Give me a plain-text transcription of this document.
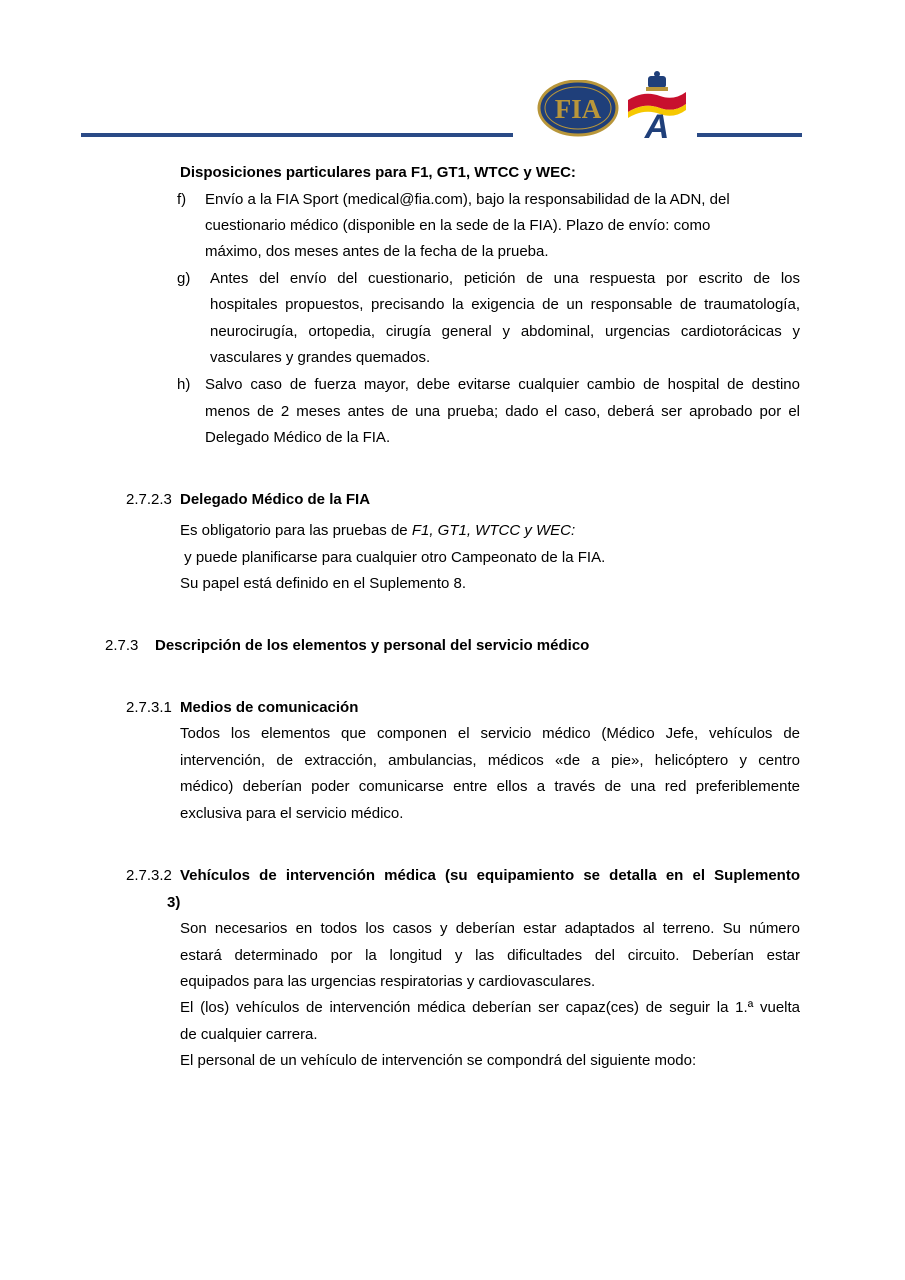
FIA A
Disposiciones particulares para F1, GT1, WTCC y WEC:
f) Envío a la FIA Sport (medical@fia.com), bajo la responsabilidad de la ADN, del
cuestionario médico (disponible en la sede de la FIA). Plazo de envío: como
máximo, dos meses antes de la fecha de la prueba.
g) Antes del envío del cuestionario, petición de una respuesta por escrito de los
hospitales propuestos, precisando la exigencia de un responsable de traumatología,
neurocirugía, ortopedia, cirugía general y abdominal, urgencias cardiotorácicas y
vasculares y grandes quemados.
h) Salvo caso de fuerza mayor, debe evitarse cualquier cambio de hospital de destino
menos de 2 meses antes de una prueba; dado el caso, deberá ser aprobado por el
Delegado Médico de la FIA.
2.7.2.3 Delegado Médico de la FIA
Es obligatorio para las pruebas de F1, GT1, WTCC y WEC:
y puede planificarse para cualquier otro Campeonato de la FIA.
Su papel está definido en el Suplemento 8.
2.7.3 Descripción de los elementos y personal del servicio médico
2.7.3.1 Medios de comunicación
Todos los elementos que componen el servicio médico (Médico Jefe, vehículos de
intervención, de extracción, ambulancias, médicos «de a pie», helicóptero y centro
médico) deberían poder comunicarse entre ellos a través de una red preferiblemente
exclusiva para el servicio médico.
2.7.3.2 Vehículos de intervención médica (su equipamiento se detalla en el Suplemento
3)
Son necesarios en todos los casos y deberían estar adaptados al terreno. Su número
estará determinado por la longitud y las dificultades del circuito. Deberían estar
equipados para las urgencias respiratorias y cardiovasculares.
El (los) vehículos de intervención médica deberían ser capaz(ces) de seguir la 1.ª vuelta
de cualquier carrera.
El personal de un vehículo de intervención se compondrá del siguiente modo:
